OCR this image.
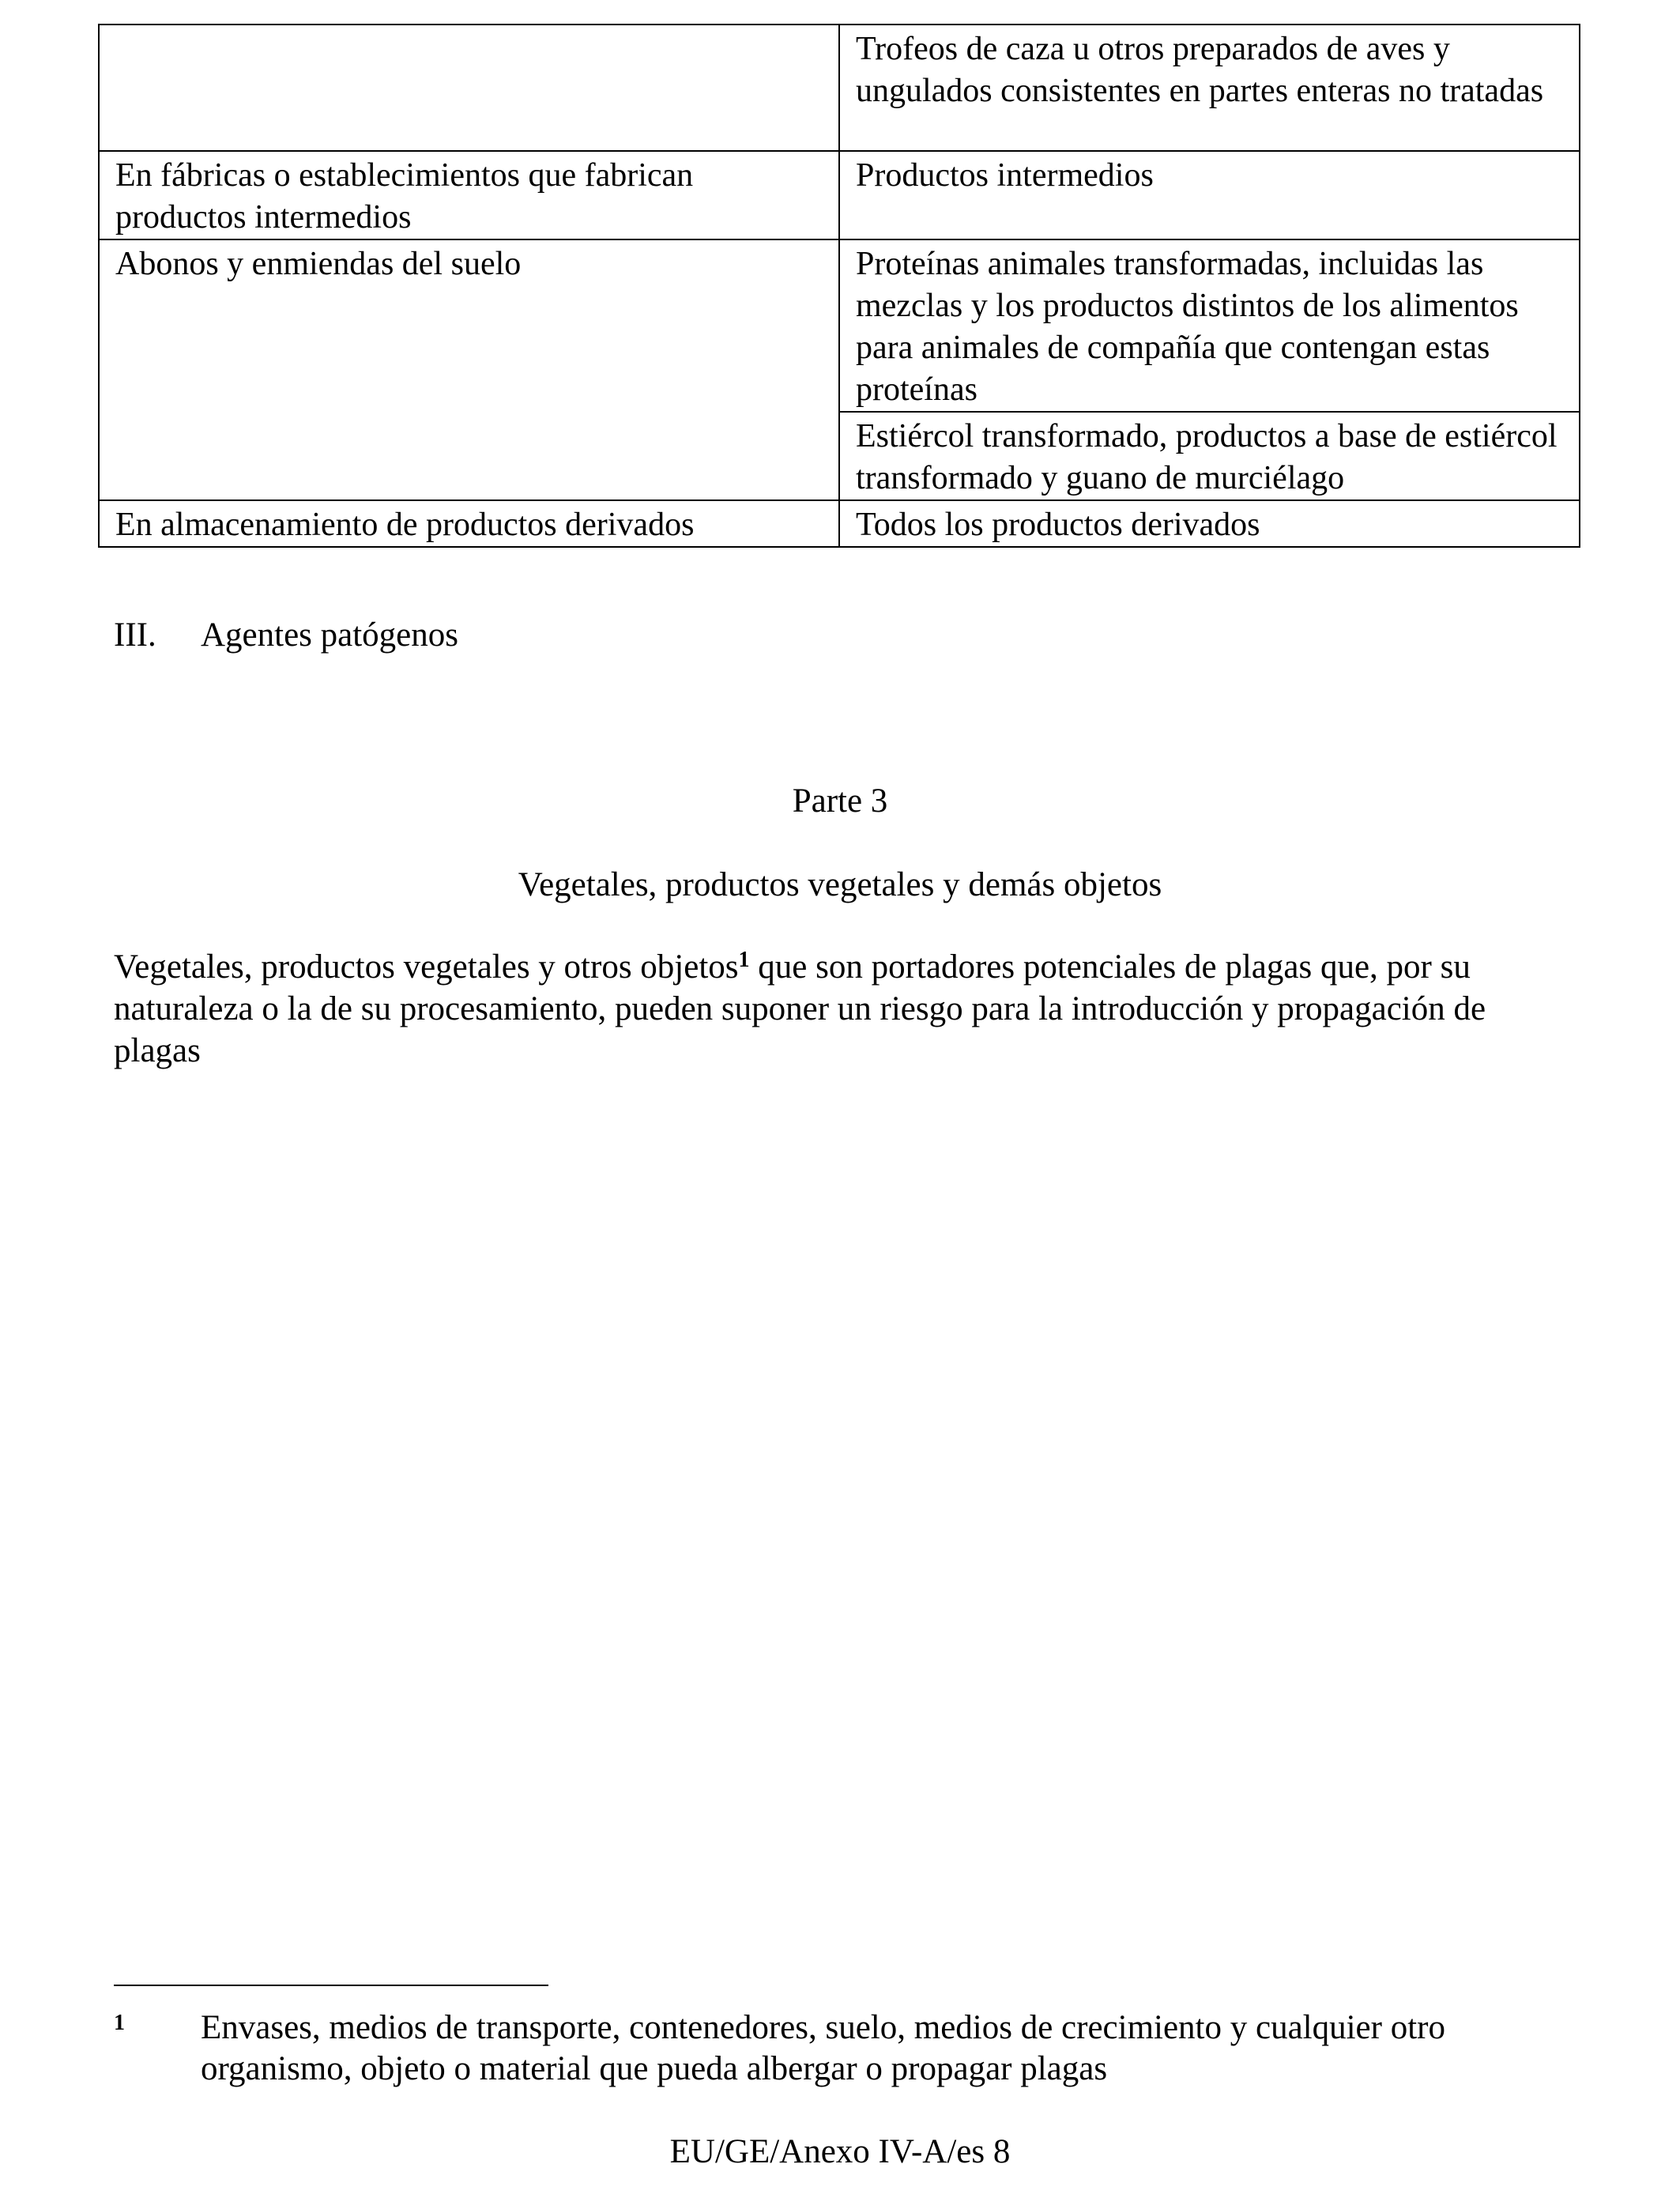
	Trofeos de caza u otros preparados de aves y ungulados consistentes en partes enteras no tratadas
En fábricas o establecimientos que fabrican productos intermedios	Productos intermedios
Abonos y enmiendas del suelo	Proteínas animales transformadas, incluidas las mezclas y los productos distintos de los alimentos para animales de compañía que contengan estas proteínas
	Estiércol transformado, productos a base de estiércol transformado y guano de murciélago
En almacenamiento de productos derivados	Todos los productos derivados
III. Agentes patógenos
Parte 3
Vegetales, productos vegetales y demás objetos
Vegetales, productos vegetales y otros objetos$^1$ que son portadores potenciales de plagas que, por su naturaleza o la de su procesamiento, pueden suponer un riesgo para la introducción y propagación de plagas
1 Envases, medios de transporte, contenedores, suelo, medios de crecimiento y cualquier otro organismo, objeto o material que pueda albergar o propagar plagas
EU/GE/Anexo IV-A/es 8
